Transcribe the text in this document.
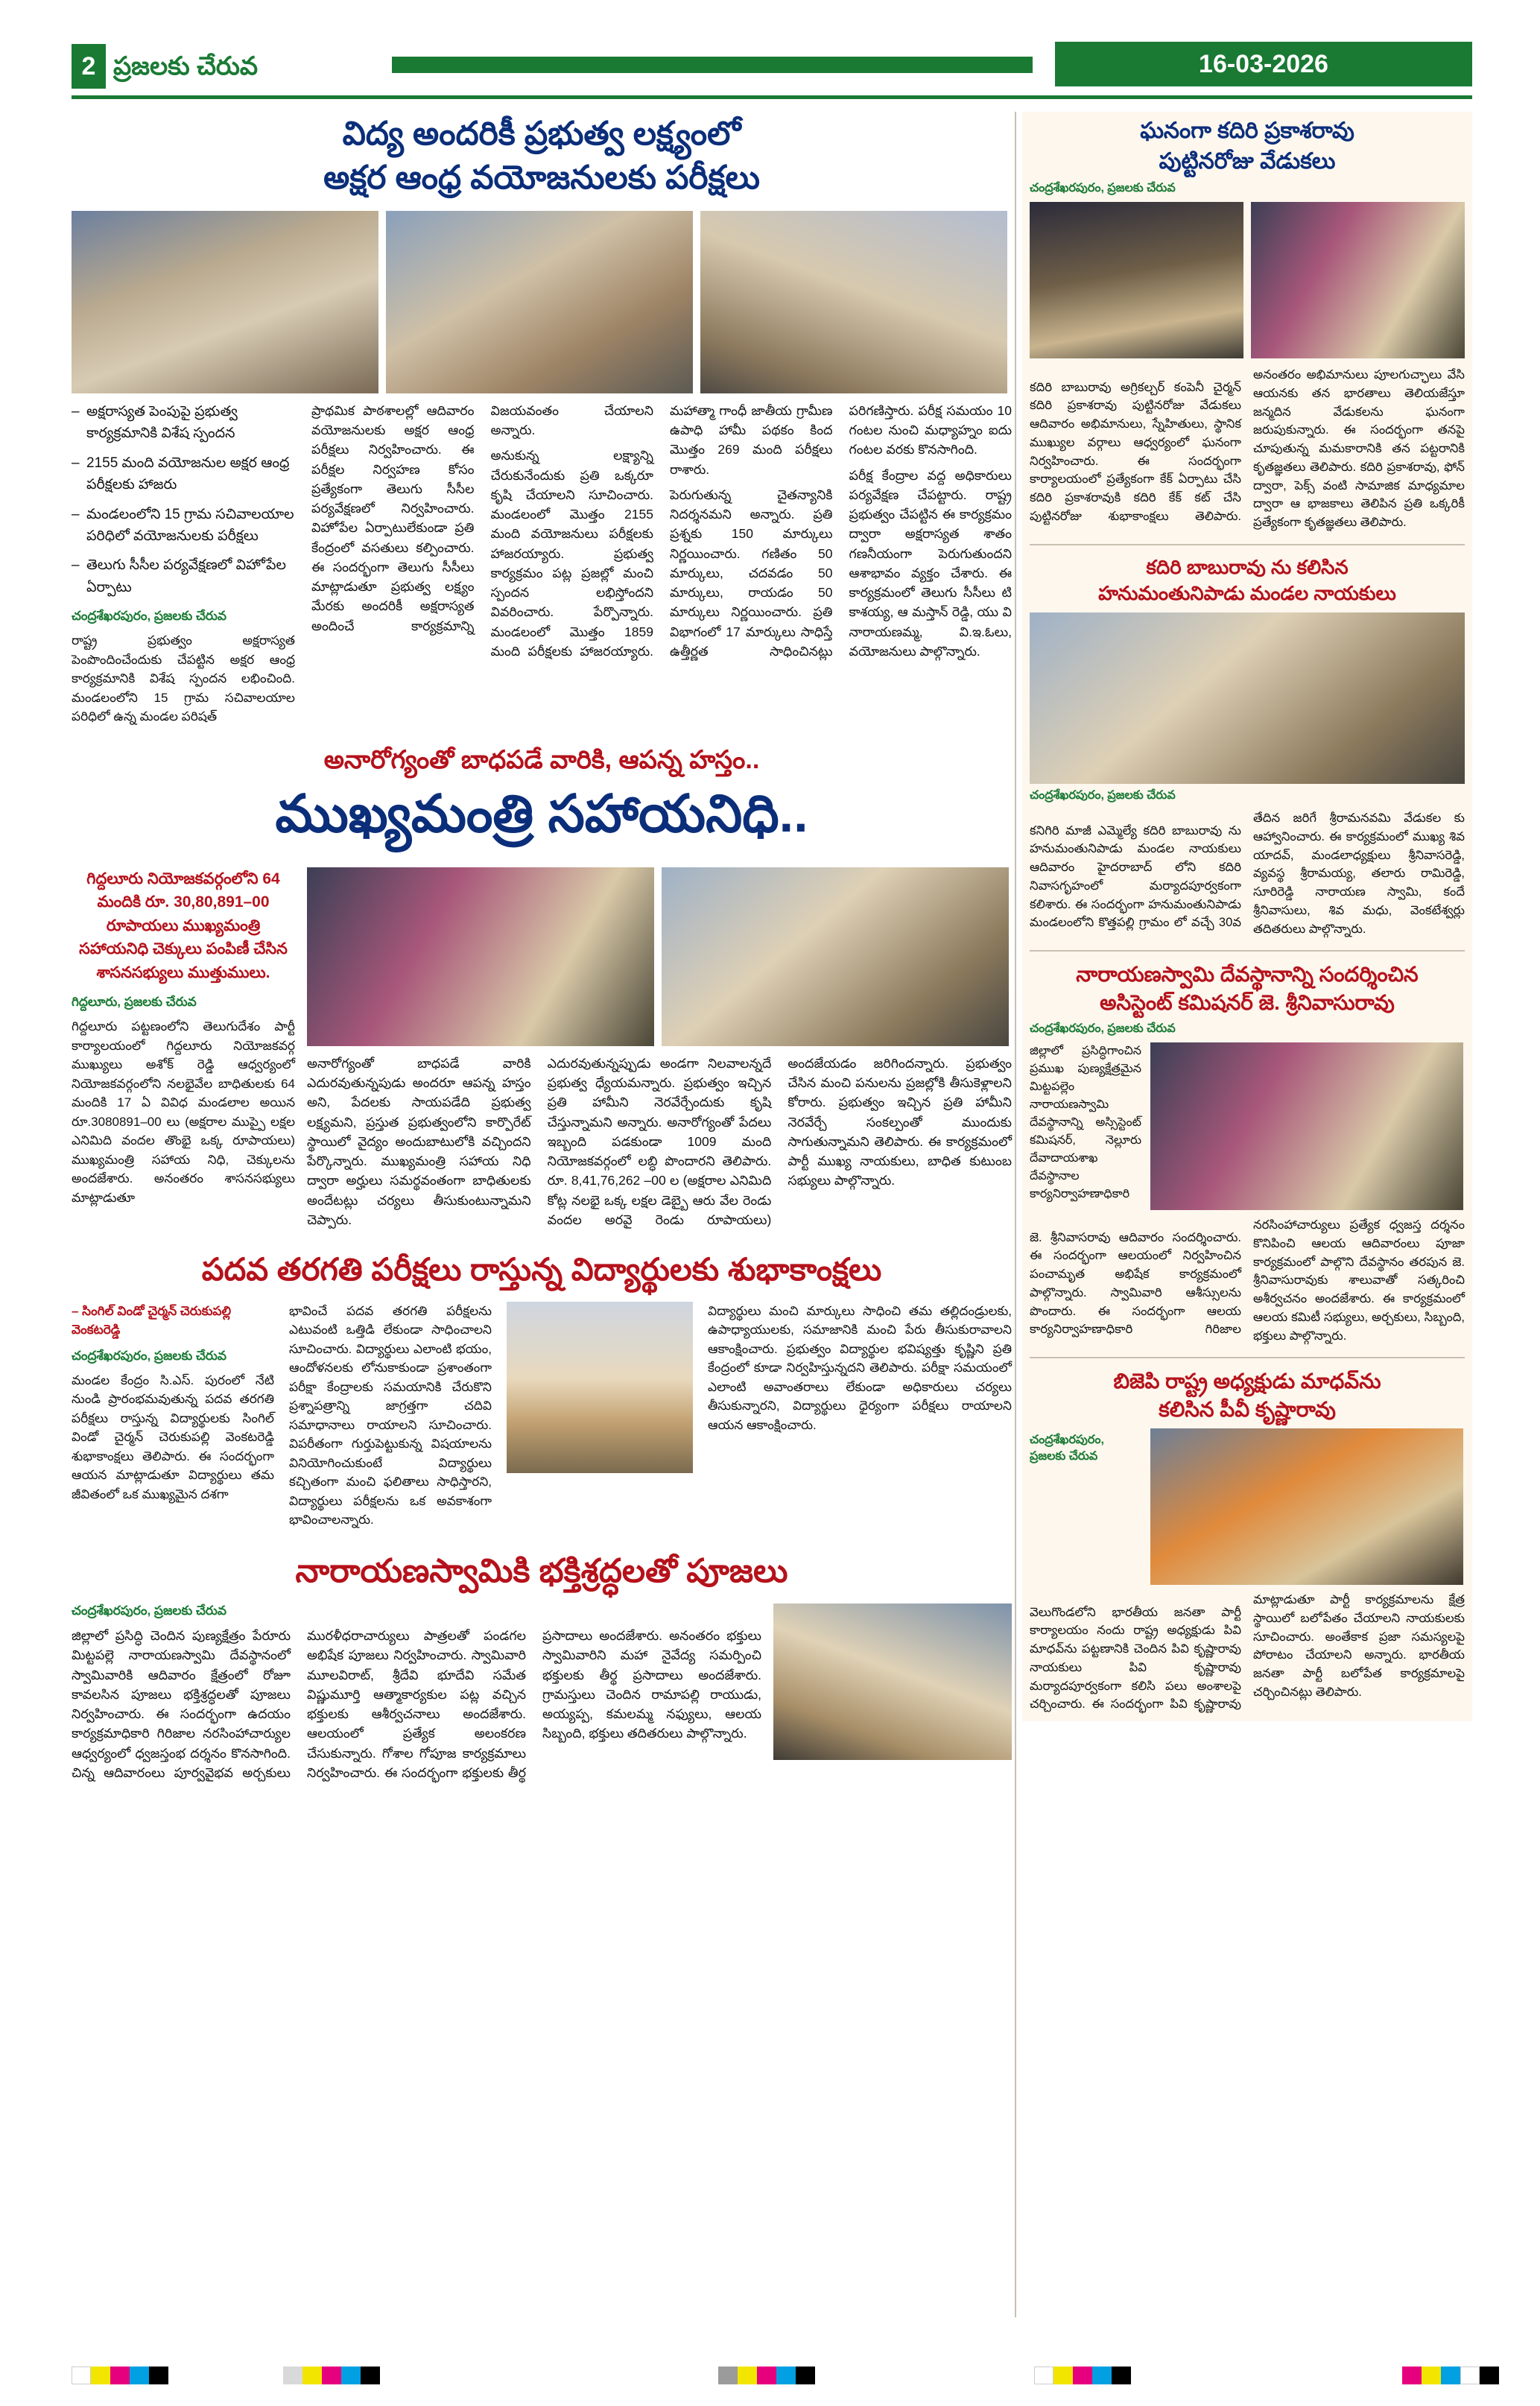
2 ప్రజలకు చేరువ	16-03-2026
విద్య అందరికీ ప్రభుత్వ లక్ష్యంలో
అక్షర ఆంధ్ర వయోజనులకు పరీక్షలు
– అక్షరాస్యత పెంపుపై ప్రభుత్వ కార్యక్రమానికి విశేష స్పందన
– 2155 మంది వయోజనుల అక్షర ఆంధ్ర పరీక్షలకు హాజరు
– మండలంలోని 15 గ్రామ సచివాలయాల పరిధిలో వయోజనులకు పరీక్షలు
– తెలుగు సీసీల పర్యవేక్షణలో విహోపేల ఏర్పాటు
చంద్రశేఖరపురం, ప్రజలకు చేరువ
రాష్ట్ర ప్రభుత్వం అక్షరాస్యత పెంపొందించేందుకు చేపట్టిన అక్షర ఆంధ్ర కార్యక్రమానికి విశేష స్పందన లభించింది. మండలంలోని 15 గ్రామ సచివాలయాల పరిధిలో ఉన్న మండల పరిషత్

ప్రాథమిక పాఠశాలల్లో ఆదివారం వయోజనులకు అక్షర ఆంధ్ర పరీక్షలు నిర్వహించారు. ఈ పరీక్షల నిర్వహణ కోసం ప్రత్యేకంగా తెలుగు సీసీల పర్యవేక్షణలో నిర్వహించారు. విహోపేల ఏర్పాటులేకుండా ప్రతి కేంద్రంలో వసతులు కల్పించారు. ఈ సందర్భంగా తెలుగు సీసీలు మాట్లాడుతూ ప్రభుత్వ లక్ష్యం మేరకు అందరికీ అక్షరాస్యత అందించే కార్యక్రమాన్ని విజయవంతం చేయాలని అన్నారు.

అనుకున్న లక్ష్యాన్ని చేరుకునేందుకు ప్రతి ఒక్కరూ కృషి చేయాలని సూచించారు. మండలంలో మొత్తం 2155 మంది వయోజనులు పరీక్షలకు హాజరయ్యారు. ప్రభుత్వ కార్యక్రమం పట్ల ప్రజల్లో మంచి స్పందన లభిస్తోందని వివరించారు. పేర్పొన్నారు. మండలంలో మొత్తం 1859 మంది పరీక్షలకు హాజరయ్యారు. మహాత్మా గాంధీ జాతీయ గ్రామీణ ఉపాధి హామీ పథకం కింద మొత్తం 269 మంది పరీక్షలు రాశారు.

పెరుగుతున్న చైతన్యానికి నిదర్శనమని అన్నారు. ప్రతి ప్రశ్నకు 150 మార్కులు నిర్ణయించారు. గణితం 50 మార్కులు, చదవడం 50 మార్కులు, రాయడం 50 మార్కులు నిర్ణయించారు. ప్రతి విభాగంలో 17 మార్కులు సాధిస్తే ఉత్తీర్ణత సాధించినట్లు పరిగణిస్తారు. పరీక్ష సమయం 10 గంటల నుంచి మధ్యాహ్నం ఐదు గంటల వరకు కొనసాగింది.

పరీక్ష కేంద్రాల వద్ద అధికారులు పర్యవేక్షణ చేపట్టారు. రాష్ట్ర ప్రభుత్వం చేపట్టిన ఈ కార్యక్రమం ద్వారా అక్షరాస్యత శాతం గణనీయంగా పెరుగుతుందని ఆశాభావం వ్యక్తం చేశారు. ఈ కార్యక్రమంలో తెలుగు సీసీలు టి కాశయ్య, ఆ మస్తాన్ రెడ్డి, యు వి నారాయణమ్మ, వి.ఇ.ఓలు, వయోజనులు పాల్గొన్నారు.

అనారోగ్యంతో బాధపడే వారికి, ఆపన్న హస్తం..
ముఖ్యమంత్రి సహాయనిధి..
గిద్దలూరు నియోజకవర్గంలోని 64 మందికి రూ. 30,80,891–00 రూపాయలు ముఖ్యమంత్రి సహాయనిధి చెక్కులు పంపిణీ చేసిన శాసనసభ్యులు ముత్తుములు.
గిద్దలూరు, ప్రజలకు చేరువ
గిద్దలూరు పట్టణంలోని తెలుగుదేశం పార్టీ కార్యాలయంలో గిద్దలూరు నియోజకవర్గ ముఖ్యులు అశోక్ రెడ్డి ఆధ్వర్యంలో నియోజకవర్గంలోని నలభైవేల బాధితులకు 64 మందికి 17 ఏ వివిధ మండలాల అయిన రూ.3080891–00 లు (అక్షరాల ముప్పై లక్షల ఎనిమిది వందల తొంభై ఒక్క రూపాయలు) ముఖ్యమంత్రి సహాయ నిధి, చెక్కులను అందజేశారు. అనంతరం శాసనసభ్యులు మాట్లాడుతూ

అనారోగ్యంతో బాధపడే వారికి ఎదురవుతున్నపుడు అందరూ ఆపన్న హస్తం అని, పేదలకు సాయపడేది ప్రభుత్వ లక్ష్యమని, ప్రస్తుత ప్రభుత్వంలోని కార్పొరేట్ స్థాయిలో వైద్యం అందుబాటులోకి వచ్చిందని పేర్కొన్నారు. ముఖ్యమంత్రి సహాయ నిధి ద్వారా అర్హులు సమర్థవంతంగా బాధితులకు అందేటట్లు చర్యలు తీసుకుంటున్నామని చెప్పారు.

ఎదురవుతున్నప్పుడు అండగా నిలవాలన్నదే ప్రభుత్వ ధ్యేయమన్నారు. ప్రభుత్వం ఇచ్చిన ప్రతి హామీని నెరవేర్చేందుకు కృషి చేస్తున్నామని అన్నారు. అనారోగ్యంతో పేదలు ఇబ్బంది పడకుండా 1009 మంది నియోజకవర్గంలో లబ్ధి పొందారని తెలిపారు. రూ. 8,41,76,262 –00 ల (అక్షరాల ఎనిమిది కోట్ల నలభై ఒక్క లక్షల డెబ్బై ఆరు వేల రెండు వందల అరవై రెండు రూపాయలు) అందజేయడం జరిగిందన్నారు. ప్రభుత్వం చేసిన మంచి పనులను ప్రజల్లోకి తీసుకెళ్లాలని కోరారు. ప్రభుత్వం ఇచ్చిన ప్రతి హామీని నెరవేర్చే సంకల్పంతో ముందుకు సాగుతున్నామని తెలిపారు. ఈ కార్యక్రమంలో పార్టీ ముఖ్య నాయకులు, బాధిత కుటుంబ సభ్యులు పాల్గొన్నారు.

పదవ తరగతి పరీక్షలు రాస్తున్న విద్యార్థులకు శుభాకాంక్షలు
– సింగిల్ విండో చైర్మన్ చెరుకుపల్లి వెంకటరెడ్డి
చంద్రశేఖరపురం, ప్రజలకు చేరువ
మండల కేంద్రం సి.ఎస్. పురంలో నేటి నుండి ప్రారంభమవుతున్న పదవ తరగతి పరీక్షలు రాస్తున్న విద్యార్థులకు సింగిల్ విండో చైర్మన్ చెరుకుపల్లి వెంకటరెడ్డి శుభాకాంక్షలు తెలిపారు. ఈ సందర్భంగా ఆయన మాట్లాడుతూ విద్యార్థులు తమ జీవితంలో ఒక ముఖ్యమైన దశగా
భావించే పదవ తరగతి పరీక్షలను ఎటువంటి ఒత్తిడి లేకుండా సాధించాలని సూచించారు. విద్యార్థులు ఎలాంటి భయం, ఆందోళనలకు లోనుకాకుండా ప్రశాంతంగా పరీక్షా కేంద్రాలకు సమయానికి చేరుకొని ప్రశ్నాపత్రాన్ని జాగ్రత్తగా చదివి సమాధానాలు రాయాలని సూచించారు. విపరీతంగా గుర్తుపెట్టుకున్న విషయాలను వినియోగించుకుంటే విద్యార్థులు కచ్చితంగా మంచి ఫలితాలు సాధిస్తారని, విద్యార్థులు పరీక్షలను ఒక అవకాశంగా భావించాలన్నారు.
విద్యార్థులు మంచి మార్కులు సాధించి తమ తల్లిదండ్రులకు, ఉపాధ్యాయులకు, సమాజానికి మంచి పేరు తీసుకురావాలని ఆకాంక్షించారు. ప్రభుత్వం విద్యార్థుల భవిష్యత్తు కృష్ణిని ప్రతి కేంద్రంలో కూడా నిర్వహిస్తున్నదని తెలిపారు. పరీక్షా సమయంలో ఎలాంటి అవాంతరాలు లేకుండా అధికారులు చర్యలు తీసుకున్నారని, విద్యార్థులు ధైర్యంగా పరీక్షలు రాయాలని ఆయన ఆకాంక్షించారు.
నారాయణస్వామికి భక్తిశ్రద్ధలతో పూజలు
చంద్రశేఖరపురం, ప్రజలకు చేరువ

జిల్లాలో ప్రసిద్ధి చెందిన పుణ్యక్షేత్రం పేరూరు మిట్టపల్లె నారాయణస్వామి దేవస్థానంలో స్వామివారికి ఆదివారం క్షేత్రంలో రోజూ కావలసిన పూజలు భక్తిశ్రద్ధలతో పూజలు నిర్వహించారు. ఈ సందర్భంగా ఉదయం కార్యక్రమాధికారి గిరిజాల నరసింహాచార్యుల ఆధ్వర్యంలో ధ్వజస్తంభ దర్శనం కొనసాగింది. చిన్న ఆదివారంలు పూర్వవైభవ అర్చకులు మురళీధరాచార్యులు పాత్రలతో పండగల అభిషేక పూజలు నిర్వహించారు. స్వామివారి మూలవిరాట్, శ్రీదేవి భూదేవి సమేత విష్ణుమూర్తి ఆత్మాకార్యకుల పట్ల వచ్చిన భక్తులకు ఆశీర్వచనాలు అందజేశారు. ఆలయంలో ప్రత్యేక అలంకరణ చేసుకున్నారు. గోశాల గోపూజ కార్యక్రమాలు నిర్వహించారు. ఈ సందర్భంగా భక్తులకు తీర్థ ప్రసాదాలు అందజేశారు. అనంతరం భక్తులు స్వామివారిని మహా నైవేద్య సమర్పించి భక్తులకు తీర్థ ప్రసాదాలు అందజేశారు. గ్రామస్తులు చెందిన రామాపల్లి రాయుడు, అయ్యప్ప, కమలమ్మ నఫ్యులు, ఆలయ సిబ్బంది, భక్తులు తదితరులు పాల్గొన్నారు.

ఘనంగా కదిరి ప్రకాశరావు
పుట్టినరోజు వేడుకలు
చంద్రశేఖరపురం, ప్రజలకు చేరువ

కదిరి బాబురావు అగ్రికల్చర్ కంపెనీ చైర్మన్ కదిరి ప్రకాశరావు పుట్టినరోజు వేడుకలు ఆదివారం అభిమానులు, స్నేహితులు, స్థానిక ముఖ్యుల వర్గాలు ఆధ్వర్యంలో ఘనంగా నిర్వహించారు. ఈ సందర్భంగా కార్యాలయంలో ప్రత్యేకంగా కేక్ ఏర్పాటు చేసి కదిరి ప్రకాశరావుకి కదిరి కేక్ కట్ చేసి పుట్టినరోజు శుభాకాంక్షలు తెలిపారు. అనంతరం అభిమానులు పూలగుచ్ఛాలు వేసి ఆయనకు తన భారతాలు తెలియజేస్తూ జన్మదిన వేడుకలను ఘనంగా జరుపుకున్నారు. ఈ సందర్భంగా తనపై చూపుతున్న మమకారానికి తన పట్టరానికి కృతజ్ఞతలు తెలిపారు. కదిరి ప్రకాశరావు, ఫోన్ ద్వారా, పెక్స్ వంటి సామాజిక మాధ్యమాల ద్వారా ఆ భాజకాలు తెలిపిన ప్రతి ఒక్కరికీ ప్రత్యేకంగా కృతజ్ఞతలు తెలిపారు.

కదిరి బాబురావు ను కలిసిన
హనుమంతునిపాడు మండల నాయకులు
చంద్రశేఖరపురం, ప్రజలకు చేరువ

కనిగిరి మాజీ ఎమ్మెల్యే కదిరి బాబురావు ను హనుమంతునిపాడు మండల నాయకులు ఆదివారం హైదరాబాద్ లోని కదిరి నివాసగృహంలో మర్యాదపూర్వకంగా కలిశారు. ఈ సందర్భంగా హనుమంతునిపాడు మండలంలోని కొత్తపల్లి గ్రామం లో వచ్చే 30వ తేదిన జరిగే శ్రీరామనవమి వేడుకల కు ఆహ్వానించారు. ఈ కార్యక్రమంలో ముఖ్య శివ యాదవ్, మండలాధ్యక్షులు శ్రీనివాసరెడ్డి, వ్యవస్థ శ్రీరామయ్య, తలారు రామిరెడ్డి, సూరిరెడ్డి నారాయణ స్వామి, కందే శ్రీనివాసులు, శివ మధు, వెంకటేశ్వర్లు తదితరులు పాల్గొన్నారు.

నారాయణస్వామి దేవస్థానాన్ని సందర్శించిన
అసిస్టెంట్ కమిషనర్ జె. శ్రీనివాసురావు
చంద్రశేఖరపురం, ప్రజలకు చేరువ
జిల్లాలో ప్రసిద్ధిగాంచిన ప్రముఖ పుణ్యక్షేత్రమైన మిట్టపల్లెం నారాయణస్వామి దేవస్థానాన్ని అస్సిస్టెంట్ కమిషనర్, నెల్లూరు దేవాదాయశాఖ దేవస్థానాల కార్యనిర్వాహణాధికారి

జె. శ్రీనివాసరావు ఆదివారం సందర్శించారు. ఈ సందర్భంగా ఆలయంలో నిర్వహించిన పంచామృత అభిషేక కార్యక్రమంలో పాల్గొన్నారు. స్వామివారి ఆశీస్సులను పొందారు. ఈ సందర్భంగా ఆలయ కార్యనిర్వాహణాధికారి గిరిజాల నరసింహాచార్యులు ప్రత్యేక ధ్వజస్త దర్శనం కొనిపించి ఆలయ ఆదివారంలు పూజా కార్యక్రమంలో పాల్గొని దేవస్థానం తరపున జె. శ్రీనివాసురావుకు శాలువాతో సత్కరించి అశీర్వచనం అందజేశారు. ఈ కార్యక్రమంలో ఆలయ కమిటీ సభ్యులు, అర్చకులు, సిబ్బంది, భక్తులు పాల్గొన్నారు.

బిజెపి రాష్ట్ర అధ్యక్షుడు మాధవ్‌ను
కలిసిన పీవీ కృష్ణారావు
చంద్రశేఖరపురం, ప్రజలకు చేరువ

వెలుగొండలోని భారతీయ జనతా పార్టీ కార్యాలయం నందు రాష్ట్ర అధ్యక్షుడు పివి మాధవ్‌ను పట్టణానికి చెందిన పివి కృష్ణారావు నాయకులు పివి కృష్ణారావు మర్యాదపూర్వకంగా కలిసి పలు అంశాలపై చర్చించారు. ఈ సందర్భంగా పివి కృష్ణారావు మాట్లాడుతూ పార్టీ కార్యక్రమాలను క్షేత్ర స్థాయిలో బలోపేతం చేయాలని నాయకులకు సూచించారు. అంతేకాక ప్రజా సమస్యలపై పోరాటం చేయాలని అన్నారు. భారతీయ జనతా పార్టీ బలోపేత కార్యక్రమాలపై చర్చించినట్లు తెలిపారు.
